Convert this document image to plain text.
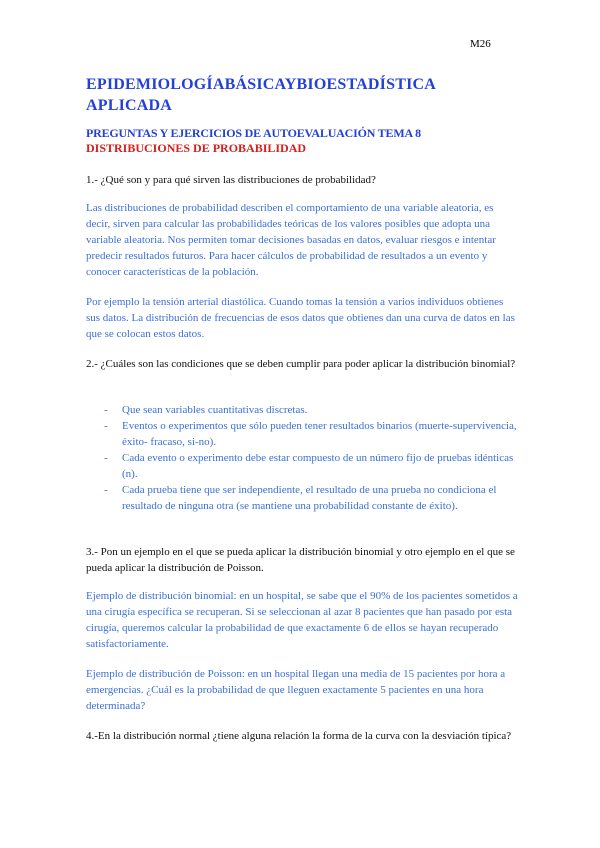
M26
EPIDEMIOLOGÍABÁSICAYBIOESTADÍSTICA APLICADA
PREGUNTAS Y EJERCICIOS DE AUTOEVALUACIÓN TEMA 8
DISTRIBUCIONES DE PROBABILIDAD
1.- ¿Qué son y para qué sirven las distribuciones de probabilidad?
Las distribuciones de probabilidad describen el comportamiento de una variable aleatoria, es decir, sirven para calcular las probabilidades teóricas de los valores posibles que adopta una variable aleatoria. Nos permiten tomar decisiones basadas en datos, evaluar riesgos e intentar predecir resultados futuros. Para hacer cálculos de probabilidad de resultados a un evento y conocer características de la población.
Por ejemplo la tensión arterial diastólica. Cuando tomas la tensión a varios individuos obtienes sus datos. La distribución de frecuencias de esos datos que obtienes dan una curva de datos en las que se colocan estos datos.
2.- ¿Cuáles son las condiciones que se deben cumplir para poder aplicar la distribución binomial?
- Que sean variables cuantitativas discretas.
- Eventos o experimentos que sólo pueden tener resultados binarios (muerte-supervivencia, éxito- fracaso, si-no).
- Cada evento o experimento debe estar compuesto de un número fijo de pruebas idénticas (n).
- Cada prueba tiene que ser independiente, el resultado de una prueba no condiciona el resultado de ninguna otra (se mantiene una probabilidad constante de éxito).
3.- Pon un ejemplo en el que se pueda aplicar la distribución binomial y otro ejemplo en el que se pueda aplicar la distribución de Poisson.
Ejemplo de distribución binomial: en un hospital, se sabe que el 90% de los pacientes sometidos a una cirugía específica se recuperan. Si se seleccionan al azar 8 pacientes que han pasado por esta cirugía, queremos calcular la probabilidad de que exactamente 6 de ellos se hayan recuperado satisfactoriamente.
Ejemplo de distribución de Poisson: en un hospital llegan una media de 15 pacientes por hora a emergencias. ¿Cuál es la probabilidad de que lleguen exactamente 5 pacientes en una hora determinada?
4.-En la distribución normal ¿tiene alguna relación la forma de la curva con la desviación típica?
